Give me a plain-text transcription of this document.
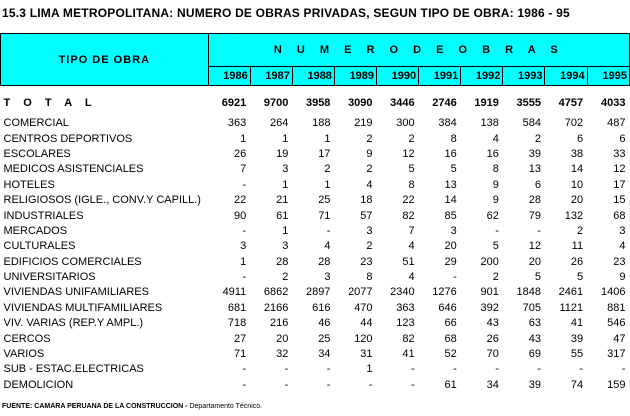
15.3 LIMA METROPOLITANA: NUMERO DE OBRAS PRIVADAS, SEGUN TIPO DE OBRA: 1986 - 95
TIPO DE OBRA	N U M E R O D E O B R A S									
	1986	1987	1988	1989	1990	1991	1992	1993	1994	1995

T O T A L	6921	9700	3958	3090	3446	2746	1919	3555	4757	4033

COMERCIAL	363	264	188	219	300	384	138	584	702	487
CENTROS DEPORTIVOS	1	1	1	2	2	8	4	2	6	6
ESCOLARES	26	19	17	9	12	16	16	39	38	33
MEDICOS ASISTENCIALES	7	3	2	2	5	5	8	13	14	12
HOTELES	-	1	1	4	8	13	9	6	10	17
RELIGIOSOS (IGLE., CONV.Y CAPILL.)	22	21	25	18	22	14	9	28	20	15
INDUSTRIALES	90	61	71	57	82	85	62	79	132	68
MERCADOS	-	1	-	3	7	3	-	-	2	3
CULTURALES	3	3	4	2	4	20	5	12	11	4
EDIFICIOS COMERCIALES	1	28	28	23	51	29	200	20	26	23
UNIVERSITARIOS	-	2	3	8	4	-	2	5	5	9
VIVIENDAS UNIFAMILIARES	4911	6862	2897	2077	2340	1276	901	1848	2461	1406
VIVIENDAS MULTIFAMILIARES	681	2166	616	470	363	646	392	705	1121	881
VIV. VARIAS (REP.Y AMPL.)	718	216	46	44	123	66	43	63	41	546
CERCOS	27	20	25	120	82	68	26	43	39	47
VARIOS	71	32	34	31	41	52	70	69	55	317
SUB - ESTAC.ELECTRICAS	-	-	-	1	-	-	-	-	-	-
DEMOLICION	-	-	-	-	-	61	34	39	74	159
FUENTE: CAMARA PERUANA DE LA CONSTRUCCION - Departamento Técnico.
